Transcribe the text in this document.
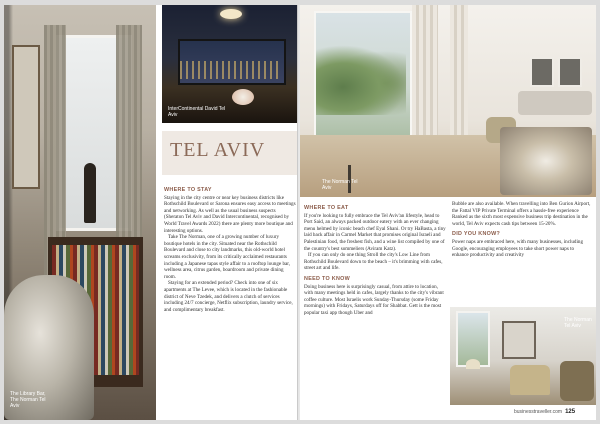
The Library Bar, The Norman Tel Aviv
InterContinental David Tel Aviv
TEL AVIV
WHERE TO STAY

Staying in the city centre or near key business districts like Rothschild Boulevard or Sarona ensures easy access to meetings and networking. As well as the usual business suspects (Sheraton Tel Aviv and David Intercontinental, recognised by World Travel Awards 2022) there are plenty more boutique and interesting options.

Take The Norman, one of a growing number of luxury boutique hotels in the city. Situated near the Rothschild Boulevard and close to city landmarks, this old-world hotel screams exclusivity, from its critically acclaimed restaurants including a Japanese tapas style affair to a rooftop lounge bar, wellness area, citrus garden, boardroom and private dining room.

Staying for an extended period? Check into one of six apartments at The Levee, which is located in the fashionable district of Neve Tzedek, and delivers a clutch of services including 24/7 concierge, Netflix subscription, laundry service, and complimentary breakfast.

The Norman Tel Aviv
WHERE TO EAT

If you're looking to fully embrace the Tel Aviv'an lifestyle, head to Port Said, an always packed outdoor eatery with an ever changing menu helmed by iconic beach chef Eyal Shani. Or try HaBasta, a tiny laid back affair in Carmel Market that promises original Israeli and Palestinian food, the freshest fish, and a wine list compiled by one of the country's best sommeliers (Aviram Katz).

If you can only do one thing Stroll the city's Low Line from Rothschild Boulevard down to the beach – it's brimming with cafes, street art and life.

NEED TO KNOW

Doing business here is surprisingly casual, from attire to location, with many meetings held in cafes, largely thanks to the city's vibrant coffee culture. Most Israelis work Sunday-Thursday (some Friday mornings) with Fridays, Saturdays off for Shabbat. Gett is the most popular taxi app though Uber and

Bubble are also available. When travelling into Ben Gurion Airport, the Fattal VIP Private Terminal offers a hassle-free experience Ranked as the sixth most expensive business trip destination in the world, Tel Aviv expects cash tips between 15-20%.

DID YOU KNOW?

Power naps are embraced here, with many businesses, including Google, encouraging employees to take short power naps to enhance productivity and creativity

The Norman Tel Aviv
businesstraveller.com 125
